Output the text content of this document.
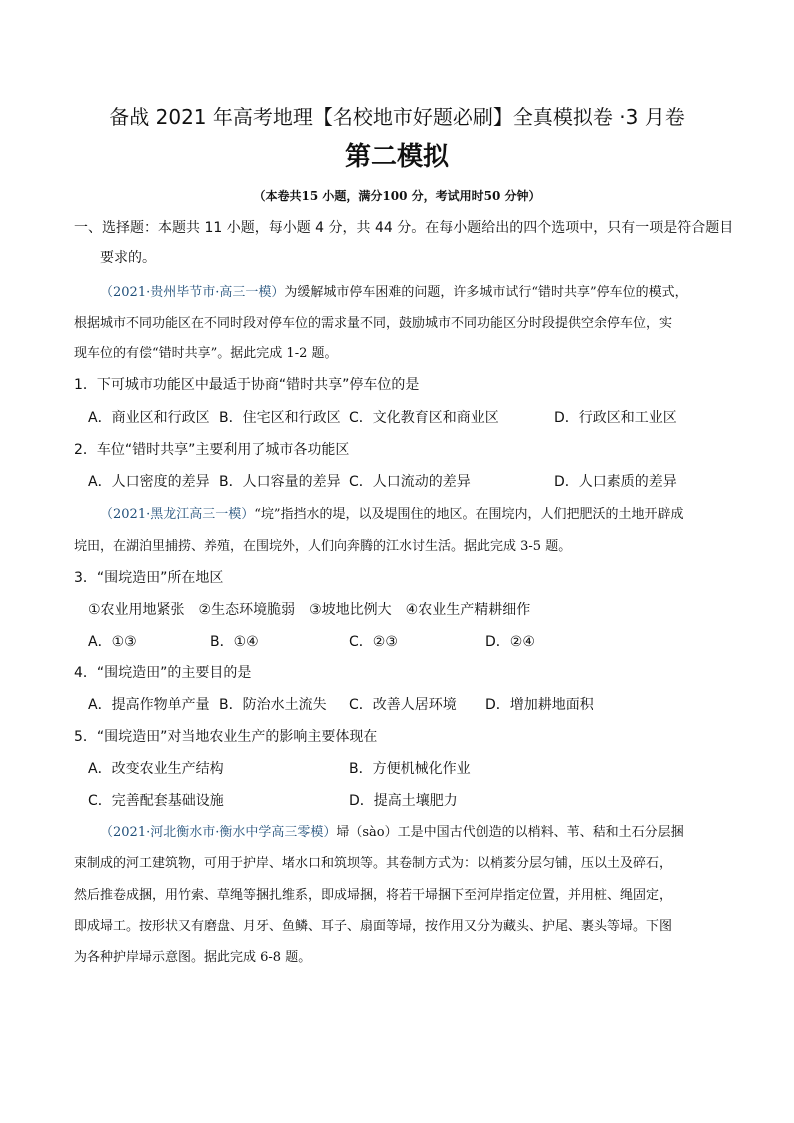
备战 2021 年高考地理【名校地市好题必刷】全真模拟卷 ·3 月卷
第二模拟
（本卷共15 小题，满分100 分，考试用时50 分钟）
一、选择题：本题共 11 小题，每小题 4 分，共 44 分。在每小题给出的四个选项中，只有一项是符合题目
要求的。
（2021·贵州毕节市·高三一模）为缓解城市停车困难的问题，许多城市试行“错时共享”停车位的模式，
根据城市不同功能区在不同时段对停车位的需求量不同，鼓励城市不同功能区分时段提供空余停车位，实
现车位的有偿“错时共享”。据此完成 1-2 题。
1．下可城市功能区中最适于协商“错时共享”停车位的是
A．商业区和行政区 B．住宅区和行政区 C．文化教育区和商业区	D．行政区和工业区
2．车位“错时共享”主要利用了城市各功能区
A．人口密度的差异 B．人口容量的差异 C．人口流动的差异	D．人口素质的差异
（2021·黑龙江高三一模）“垸”指挡水的堤，以及堤围住的地区。在围垸内，人们把肥沃的土地开辟成
垸田，在湖泊里捕捞、养殖，在围垸外，人们向奔腾的江水讨生活。据此完成 3-5 题。
3．“围垸造田”所在地区
①农业用地紧张　②生态环境脆弱　③坡地比例大　④农业生产精耕细作
A．①③	B．①④	C．②③	D．②④
4．“围垸造田”的主要目的是
A．提高作物单产量 B．防治水土流失 C．改善人居环境 D．增加耕地面积
5．“围垸造田”对当地农业生产的影响主要体现在
A．改变农业生产结构	B．方便机械化作业
C．完善配套基础设施	D．提高土壤肥力
（2021·河北衡水市·衡水中学高三零模）埽（sào）工是中国古代创造的以梢料、苇、秸和土石分层捆
束制成的河工建筑物，可用于护岸、堵水口和筑坝等。其卷制方式为：以梢荄分层匀铺，压以土及碎石，
然后推卷成捆，用竹索、草绳等捆扎维系，即成埽捆，将若干埽捆下至河岸指定位置，并用桩、绳固定，
即成埽工。按形状又有磨盘、月牙、鱼鳞、耳子、扇面等埽，按作用又分为藏头、护尾、裹头等埽。下图
为各种护岸埽示意图。据此完成 6-8 题。
